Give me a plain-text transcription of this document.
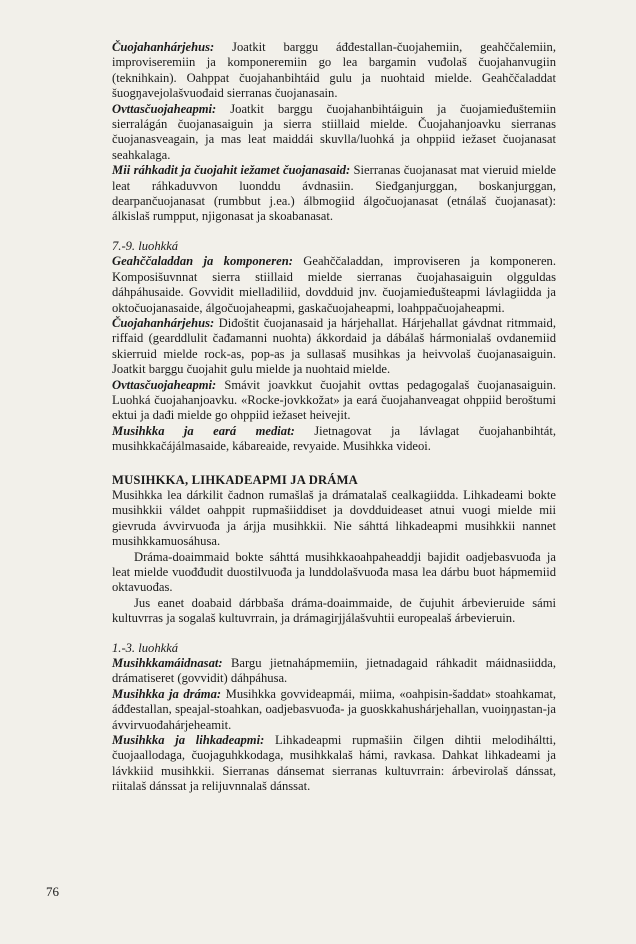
Čuojahanhárjehus: Joatkit barggu áđđestallan-čuojahemiin, geahččalemiin, improviseremiin ja komponeremiin go lea bargamin vuđolaš čuojahanvugiin (teknihkain). Oahppat čuojahanbihtáid gulu ja nuohtaid mielde. Geahččaladdat šuogŋavejolašvuođaid sierranas čuojanasain.

Ovttasčuojaheapmi: Joatkit barggu čuojahanbihtáiguin ja čuojamieđuštemiin sierralágán čuojanasaiguin ja sierra stiillaid mielde. Čuojahanjoavku sierranas čuojanasveagain, ja mas leat maiddái skuvlla/luohká ja ohppiid iežaset čuojanasat seahkalaga.

Mii ráhkadit ja čuojahit iežamet čuojanasaid: Sierranas čuojanasat mat vieruid mielde leat ráhkaduvvon luonddu ávdnasiin. Sieđganjurggan, boskanjurggan, dearpančuojanasat (rumbbut j.ea.) álbmogiid álgočuojanasat (etnálaš čuojanasat): álkislaš rumpput, njigonasat ja skoabanasat.

7.-9. luohkká

Geahččaladdan ja komponeren: Geahččaladdan, improviseren ja komponeren. Komposišuvnnat sierra stiillaid mielde sierranas čuojahasaiguin olgguldas dáhpáhusaide. Govvidit mielladiliid, dovdduid jnv. čuojamieđuštеapmi lávlagiidda ja oktočuojanasaide, álgočuojaheapmi, gaskačuojaheapmi, loahppačuojaheapmi.

Čuojahanhárjehus: Diđoštit čuojanasaid ja hárjehallat. Hárjehallat gávdnat ritmmaid, riffaid (gearddlulit čađamanni nuohta) ákkordaid ja dábálaš hármonialaš ovdanemiid skierruid mielde rock-as, pop-as ja sullasaš musihkas ja heivvolaš čuojanasaiguin. Joatkit barggu čuojahit gulu mielde ja nuohtaid mielde.

Ovttasčuojaheapmi: Smávit joavkkut čuojahit ovttas pedagogalaš čuojanasaiguin. Luohká čuojahanjoavku. «Rocke-jovkkožat» ja eará čuojahanveagat ohppiid beroštumi ektui ja dađi mielde go ohppiid iežaset heivejit.

Musihkka ja eará mediat: Jietnagovat ja lávlagat čuojahanbihtát, musihkkačájálmasaide, kábareaide, revyaide. Musihkka videoi.

MUSIHKKA, LIHKADEAPMI JA DRÁMA

Musihkka lea dárkilit čadnon rumašlaš ja drámatalaš cealkagiidda. Lihkadeami bokte musihkkii váldet oahppit rupmašiiddiset ja dovdduideaset atnui vuogi mielde mii gievruda ávvirvuođa ja árjja musihkkii. Nie sáhttá lihkadeapmi musihkkii nannet musihkkamuosáhusa.

Dráma-doaimmaid bokte sáhttá musihkkaoahpaheaddji bajidit oadjebasvuođa ja leat mielde vuođđudit duostilvuođa ja lunddolašvuođa masa lea dárbu buot hápmemiid oktavuođas.

Jus eanet doabaid dárbbaša dráma-doaimmaide, de čujuhit árbevieruide sámi kultuvrras ja sogalaš kultuvrrain, ja drámagirjjálašvuhtii europealaš árbevieruin.

1.-3. luohkká

Musihkkamáidnasat: Bargu jietnahápmemiin, jietnadagaid ráhkadit máidnasiidda, drámatiseret (govvidit) dáhpáhusa.

Musihkka ja dráma: Musihkka govvideapmái, miima, «oahpisin-šaddat» stoahkamat, áđđestallan, speajal-stoahkan, oadjebasvuođa- ja guoskkahushárjehallan, vuoiŋŋastan-ja ávvirvuođahárjeheamit.

Musihkka ja lihkadeapmi: Lihkadeapmi rupmašiin čilgen dihtii melodiháltti, čuojaallodaga, čuojaguhkkodaga, musihkkalaš hámi, ravkasa. Dahkat lihkadeami ja lávkkiid musihkkii. Sierranas dánsemat sierranas kultuvrrain: árbevirolaš dánssat, riitalaš dánssat ja relijuvnnalaš dánssat.

76
